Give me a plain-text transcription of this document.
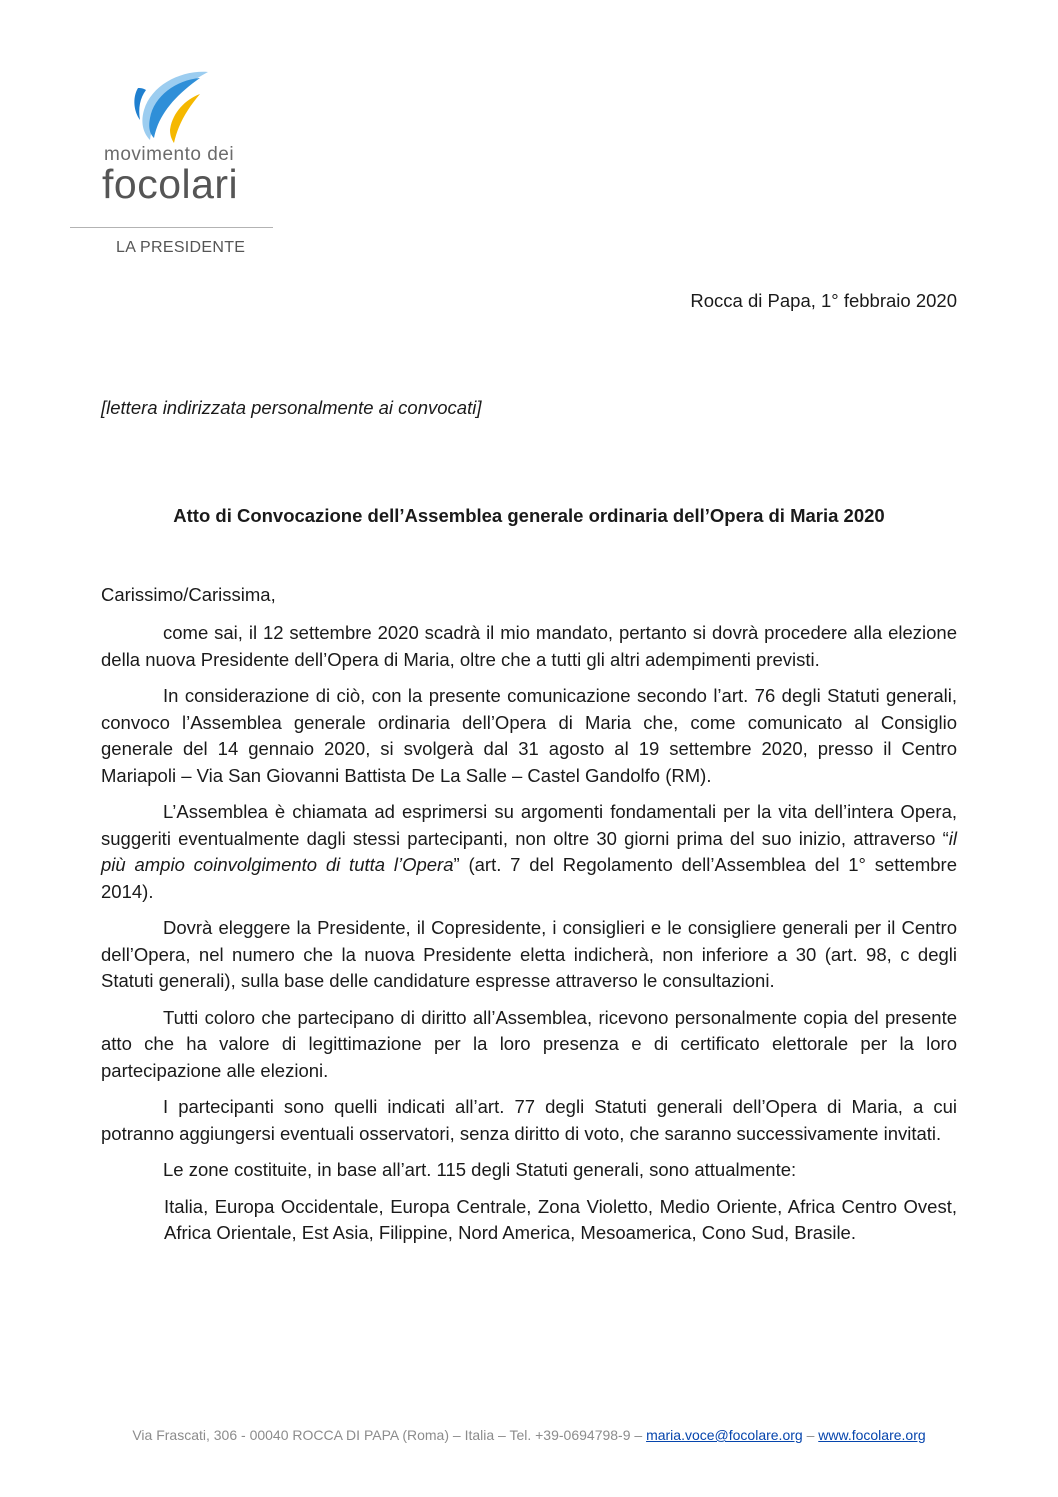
movimento dei
focolari
LA PRESIDENTE
Rocca di Papa, 1° febbraio 2020
[lettera indirizzata personalmente ai convocati]
Atto di Convocazione dell’Assemblea generale ordinaria dell’Opera di Maria 2020
Carissimo/Carissima,

come sai, il 12 settembre 2020 scadrà il mio mandato, pertanto si dovrà procedere alla elezione della nuova Presidente dell’Opera di Maria, oltre che a tutti gli altri adempimenti previsti.

In considerazione di ciò, con la presente comunicazione secondo l’art. 76 degli Statuti generali, convoco l’Assemblea generale ordinaria dell’Opera di Maria che, come comunicato al Consiglio generale del 14 gennaio 2020, si svolgerà dal 31 agosto al 19 settembre 2020, presso il Centro Mariapoli – Via San Giovanni Battista De La Salle – Castel Gandolfo (RM).

L’Assemblea è chiamata ad esprimersi su argomenti fondamentali per la vita dell’intera Opera, suggeriti eventualmente dagli stessi partecipanti, non oltre 30 giorni prima del suo inizio, attraverso “il più ampio coinvolgimento di tutta l’Opera” (art. 7 del Regolamento dell’Assemblea del 1° settembre 2014).

Dovrà eleggere la Presidente, il Copresidente, i consiglieri e le consigliere generali per il Centro dell’Opera, nel numero che la nuova Presidente eletta indicherà, non inferiore a 30 (art. 98, c degli Statuti generali), sulla base delle candidature espresse attraverso le consultazioni.

Tutti coloro che partecipano di diritto all’Assemblea, ricevono personalmente copia del presente atto che ha valore di legittimazione per la loro presenza e di certificato elettorale per la loro partecipazione alle elezioni.

I partecipanti sono quelli indicati all’art. 77 degli Statuti generali dell’Opera di Maria, a cui potranno aggiungersi eventuali osservatori, senza diritto di voto, che saranno successivamente invitati.

Le zone costituite, in base all’art. 115 degli Statuti generali, sono attualmente:

Italia, Europa Occidentale, Europa Centrale, Zona Violetto, Medio Oriente, Africa Centro Ovest, Africa Orientale, Est Asia, Filippine, Nord America, Mesoamerica, Cono Sud, Brasile.

Via Frascati, 306 - 00040 ROCCA DI PAPA (Roma) – Italia – Tel. +39-0694798-9 – maria.voce@focolare.org – www.focolare.org
